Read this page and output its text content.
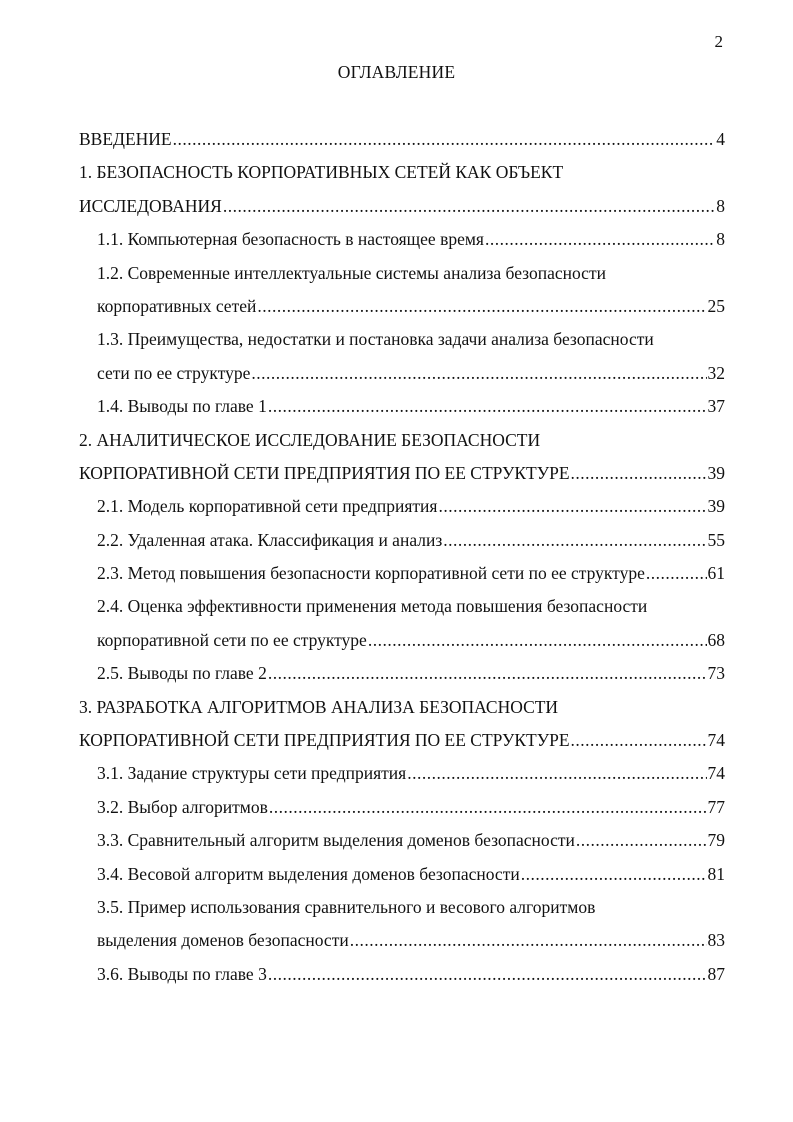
2
ОГЛАВЛЕНИЕ
ВВЕДЕНИЕ .....	4
1. БЕЗОПАСНОСТЬ КОРПОРАТИВНЫХ СЕТЕЙ КАК ОБЪЕКТ
ИССЛЕДОВАНИЯ .....	8
1.1. Компьютерная безопасность в настоящее время .....	8
1.2. Современные интеллектуальные системы анализа безопасности
корпоративных сетей .....	25
1.3. Преимущества, недостатки и постановка задачи анализа безопасности
сети по ее структуре .....	32
1.4. Выводы по главе 1 .....	37
2. АНАЛИТИЧЕСКОЕ ИССЛЕДОВАНИЕ БЕЗОПАСНОСТИ
КОРПОРАТИВНОЙ СЕТИ ПРЕДПРИЯТИЯ ПО ЕЕ СТРУКТУРЕ .....	39
2.1. Модель корпоративной сети предприятия .....	39
2.2. Удаленная атака. Классификация и анализ .....	55
2.3. Метод повышения безопасности корпоративной сети по ее структуре .....	61
2.4. Оценка эффективности применения метода повышения безопасности
корпоративной сети по ее структуре .....	68
2.5. Выводы по главе 2 .....	73
3. РАЗРАБОТКА АЛГОРИТМОВ АНАЛИЗА БЕЗОПАСНОСТИ
КОРПОРАТИВНОЙ СЕТИ ПРЕДПРИЯТИЯ ПО ЕЕ СТРУКТУРЕ .....	74
3.1. Задание структуры сети предприятия .....	74
3.2. Выбор алгоритмов .....	77
3.3. Сравнительный алгоритм выделения доменов безопасности .....	79
3.4. Весовой алгоритм выделения доменов безопасности .....	81
3.5. Пример использования сравнительного и весового алгоритмов
выделения доменов безопасности .....	83
3.6. Выводы по главе 3 .....	87
